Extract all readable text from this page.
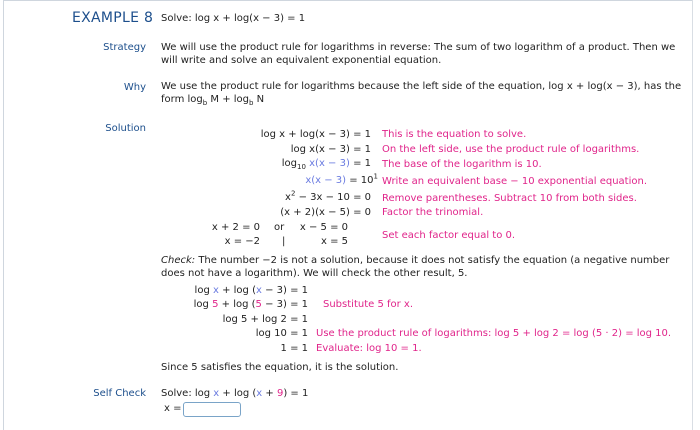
EXAMPLE 8 Solve: log x + log(x − 3) = 1
Strategy We will use the product rule for logarithms in reverse: The sum of two logarithm of a product. Then we will write and solve an equivalent exponential equation.
Why We use the product rule for logarithms because the left side of the equation, log x + log(x − 3), has the
form $\log_b M + \log_b N$
Solution
log x + log(x − 3) = 1 This is the equation to solve.
log x(x − 3) = 1 On the left side, use the product rule of logarithms.
$\log_{10} x(x - 3) = 1$ The base of the logarithm is 10.
$x(x - 3) = 10^1$ Write an equivalent base − 10 exponential equation.
$x^2 - 3x - 10 = 0$ Remove parentheses. Subtract 10 from both sides.
(x + 2)(x − 5) = 0 Factor the trinomial.
x + 2 = 0 or	x − 5 = 0
x = −2 |	x = 5
Set each factor equal to 0.
Check: The number −2 is not a solution, because it does not satisfy the equation (a negative number does not have a logarithm). We will check the other result, 5.
log x + log (x − 3) = 1
log 5 + log (5 − 3) = 1 Substitute 5 for x.
log 5 + log 2 = 1
log 10 = 1 Use the product rule of logarithms: log 5 + log 2 = log (5 · 2) = log 10.
1 = 1 Evaluate: log 10 = 1.
Since 5 satisfies the equation, it is the solution.
Self Check Solve: log x + log (x + 9) = 1
x =
